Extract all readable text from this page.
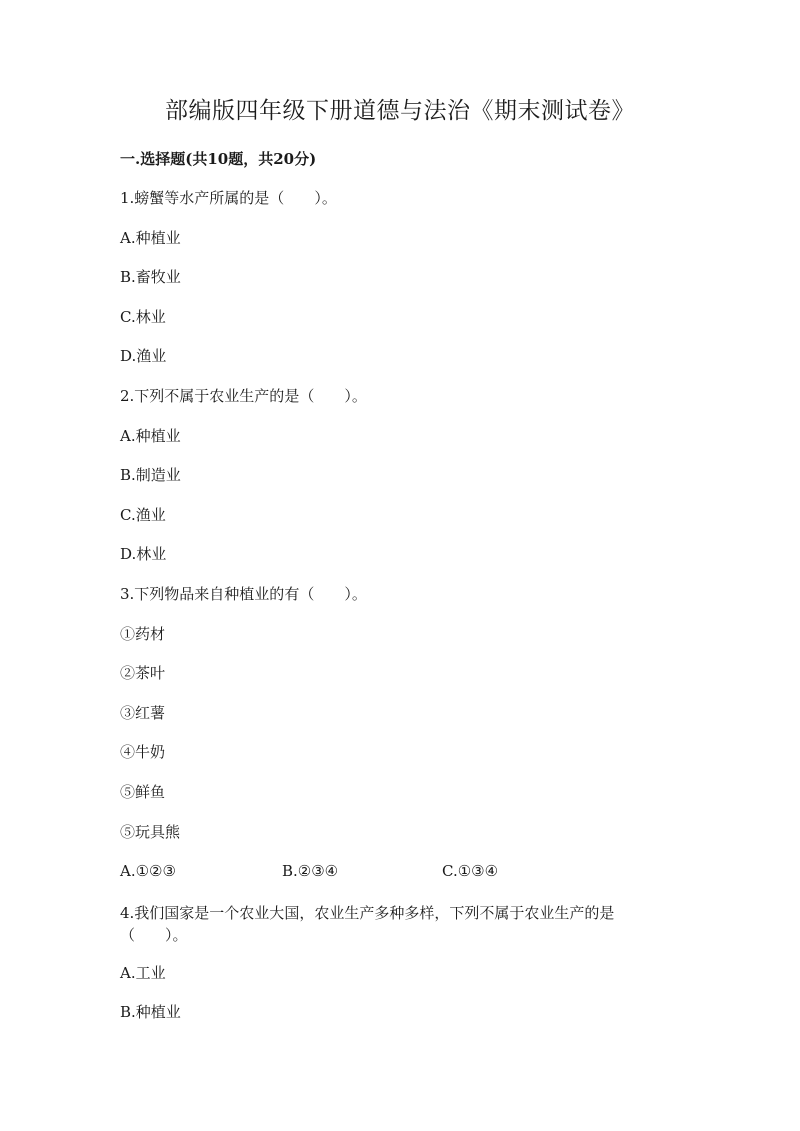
部编版四年级下册道德与法治《期末测试卷》
一.选择题(共10题，共20分)
1.螃蟹等水产所属的是（　　）。
A.种植业
B.畜牧业
C.林业
D.渔业
2.下列不属于农业生产的是（　　）。
A.种植业
B.制造业
C.渔业
D.林业
3.下列物品来自种植业的有（　　）。
①药材
②茶叶
③红薯
④牛奶
⑤鲜鱼
⑤玩具熊
A.①②③	B.②③④	C.①③④
4.我们国家是一个农业大国，农业生产多种多样，下列不属于农业生产的是
（　　）。
A.工业
B.种植业
